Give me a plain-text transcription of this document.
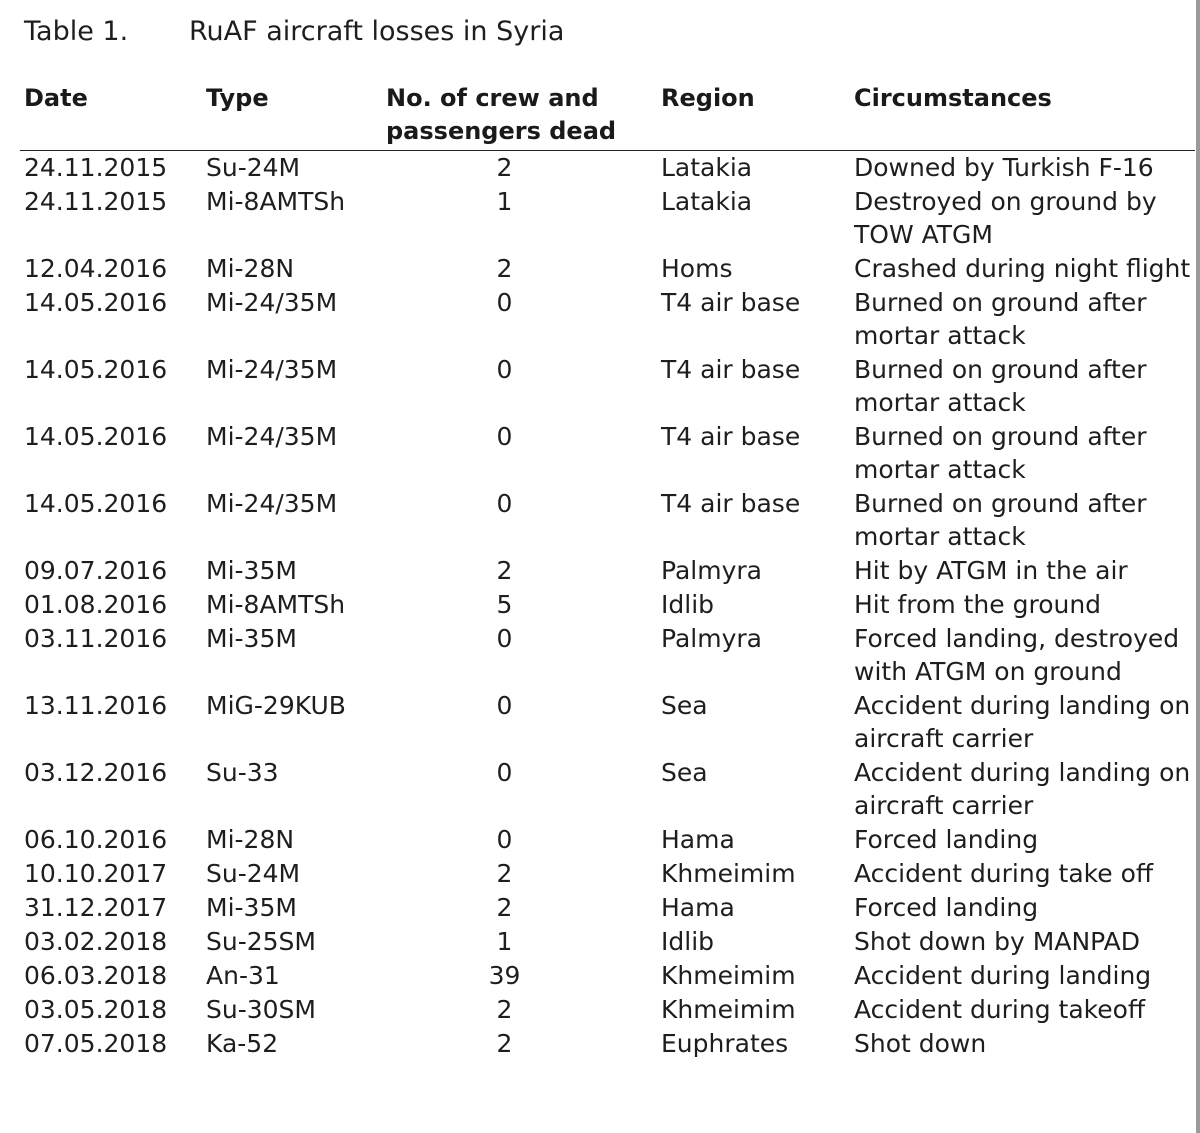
Table 1. RuAF aircraft losses in Syria
Date	Type	No. of crew and passengers dead	Region	Circumstances
24.11.2015	Su-24M	2	Latakia	Downed by Turkish F-16
24.11.2015	Mi-8AMTSh	1	Latakia	Destroyed on ground by TOW ATGM
12.04.2016	Mi-28N	2	Homs	Crashed during night flight
14.05.2016	Mi-24/35M	0	T4 air base	Burned on ground after mortar attack
14.05.2016	Mi-24/35M	0	T4 air base	Burned on ground after mortar attack
14.05.2016	Mi-24/35M	0	T4 air base	Burned on ground after mortar attack
14.05.2016	Mi-24/35M	0	T4 air base	Burned on ground after mortar attack
09.07.2016	Mi-35M	2	Palmyra	Hit by ATGM in the air
01.08.2016	Mi-8AMTSh	5	Idlib	Hit from the ground
03.11.2016	Mi-35M	0	Palmyra	Forced landing, destroyed with ATGM on ground
13.11.2016	MiG-29KUB	0	Sea	Accident during landing on aircraft carrier
03.12.2016	Su-33	0	Sea	Accident during landing on aircraft carrier
06.10.2016	Mi-28N	0	Hama	Forced landing
10.10.2017	Su-24M	2	Khmeimim	Accident during take off
31.12.2017	Mi-35M	2	Hama	Forced landing
03.02.2018	Su-25SM	1	Idlib	Shot down by MANPAD
06.03.2018	An-31	39	Khmeimim	Accident during landing
03.05.2018	Su-30SM	2	Khmeimim	Accident during takeoff
07.05.2018	Ka-52	2	Euphrates	Shot down
